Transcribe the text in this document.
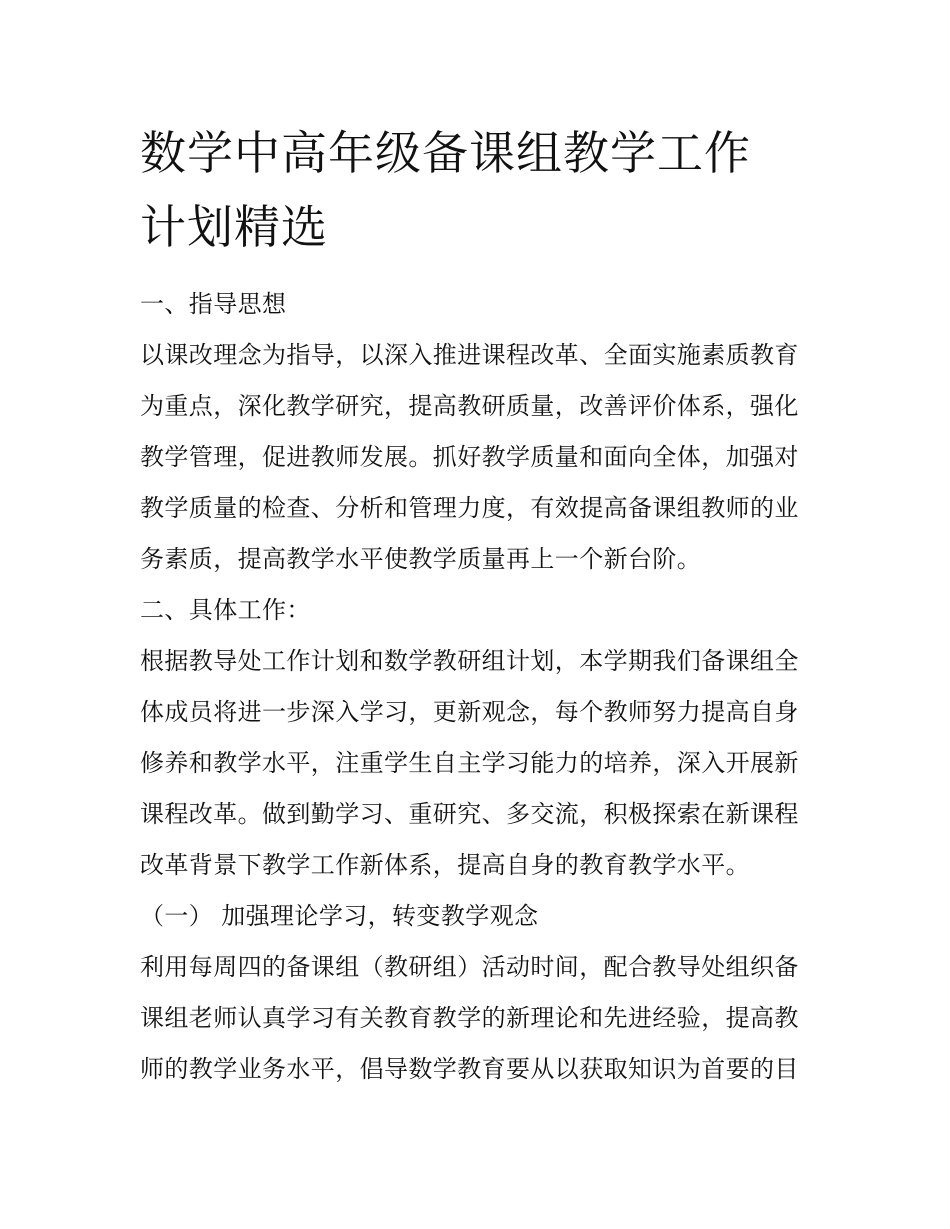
数学中高年级备课组教学工作
计划精选
一、指导思想
以课改理念为指导，以深入推进课程改革、全面实施素质教育
为重点，深化教学研究，提高教研质量，改善评价体系，强化
教学管理，促进教师发展。抓好教学质量和面向全体，加强对
教学质量的检查、分析和管理力度，有效提高备课组教师的业
务素质，提高教学水平使教学质量再上一个新台阶。
二、具体工作：
根据教导处工作计划和数学教研组计划，本学期我们备课组全
体成员将进一步深入学习，更新观念，每个教师努力提高自身
修养和教学水平，注重学生自主学习能力的培养，深入开展新
课程改革。做到勤学习、重研究、多交流，积极探索在新课程
改革背景下教学工作新体系，提高自身的教育教学水平。
（一） 加强理论学习，转变教学观念
利用每周四的备课组（教研组）活动时间，配合教导处组织备
课组老师认真学习有关教育教学的新理论和先进经验，提高教
师的教学业务水平，倡导数学教育要从以获取知识为首要的目
